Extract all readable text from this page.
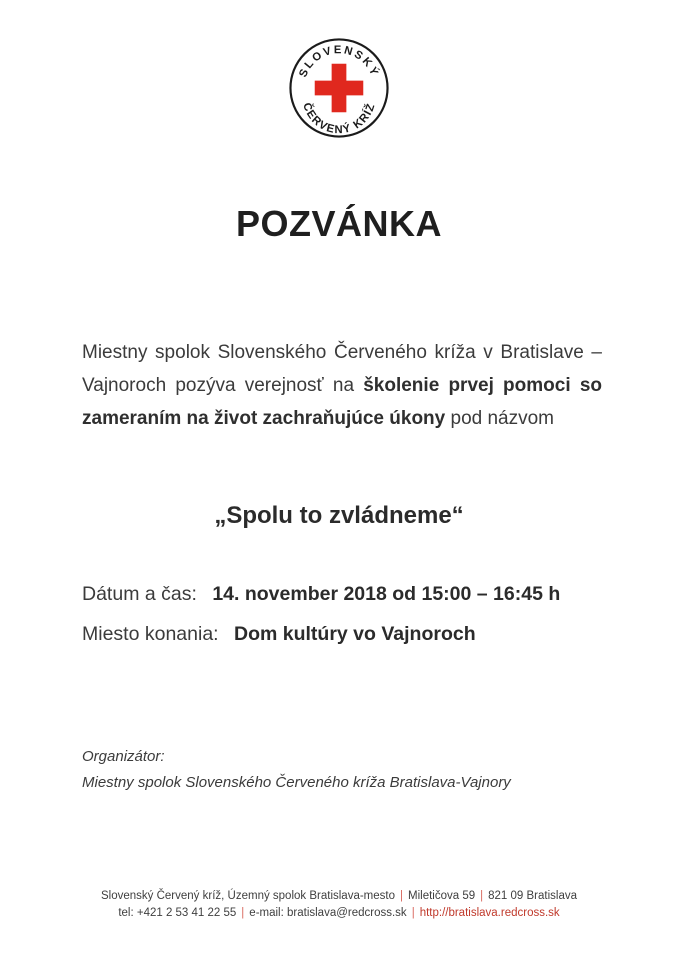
SLOVENSKÝ
ČERVENÝ KRÍŽ
POZVÁNKA

Miestny spolok Slovenského Červeného kríža v Bratislave – Vajnoroch pozýva verejnosť na školenie prvej pomoci so zameraním na život zachraňujúce úkony pod názvom

„Spolu to zvládneme“
Dátum a čas: 14. november 2018 od 15:00 – 16:45 h
Miesto konania: Dom kultúry vo Vajnoroch
Organizátor:
Miestny spolok Slovenského Červeného kríža Bratislava-Vajnory
Slovenský Červený kríž, Územný spolok Bratislava-mesto | Miletičova 59 | 821 09 Bratislava
tel: +421 2 53 41 22 55 | e-mail: bratislava@redcross.sk | http://bratislava.redcross.sk
